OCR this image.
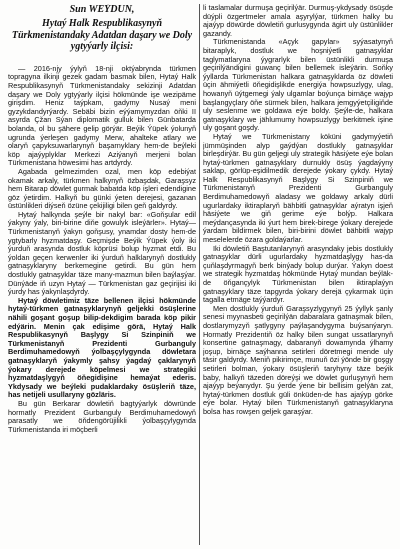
Sun WEÝDUN,
Hytaý Halk Respublikasynyň Türkmenistandaky Adatdan daşary we Doly ygtyýarly ilçisi:

— 2016-njy ýylyň 18-nji oktýabrynda türkmen topragyna ilkinji gezek gadam basmak bilen, Hytaý Halk Respublikasynyň Türkmenistandaky sekizinji Adatdan daşary we Doly ygtyýarly ilçisi hökmünde işe wezipäme girişdim. Heniz taýpkam, gadymy Nusaý meni gyzykdandyrýardy. Sebäbi bizin eýýamymyzdan öňki II asyrda Çžan Sýan diplomatik gulluk bilen Günbatarda bolanda, ol bu şähere gelip görýär. Beýik Ýüpek ýolunyň ugrunda ýerleşen gadymy Merw, ahalteke atlary we olaryň çapyksuwarlarynyň başarnyklary hem-de beýleki köp ajaýyplyklar Merkezi Aziýanyň merjeni bolan Türkmenistana höwesimi has artdyrdy.

Agabada gelmezimden ozal, men köp edebiýat okamak arkaly, türkmen halkynyň özbaşdak, Garaşsyz hem Bitarap döwlet gurmak babatda köp işleri edendigine göz ýetirdim. Halkyň bu günki ýeten derejesi, gazanan üstünlikleri diýseň özüne çekijiligi bilen geň galdyrdy.

Hytaý halkynda şeýle bir nakyl bar: «Goňşular edil ýakyny ýaly, biri-birine diňe gowulyk isleýärler». Hytaý—Türkmenistanyň ýakyn goňşusy, ynamdar dosty hem-de ygtybarly hyzmatdaşy. Geçmişde Beýik Ýüpek ýoly iki ýurduň arasynda dostluk köprüsi bolup hyzmat etdi. Bu ýoldan geçen kerwenler iki ýurduň halklarynyň dostlukly gatnaşyklaryny berkemegine getirdi. Bu gün hem dostlukly gatnaşyklar täze many-mazmun bilen baýlaşýar. Dünýäde iň uzyn Hytaý — Türkmenistan gaz geçirijisi iki ýurdy has ýakynlaşdyrdy.

Hytaý döwletimiz täze bellenen ilçisi hökmünde hytaý-türkmen gatnaşyklarynyň geljekki ösüşlerine nähili goşant goşup bilip-dekdigim barada köp pikir edýärin. Menin çak edişime görä, Hytaý Halk Respublikasynyň Başlygy Si Szinpiniň we Türkmenistanyň Prezidenti Gurbanguly Berdimuhamedowyň ýolbaşçylygynda döwletara gatnaşyklaryň ýakymly şahsy ýagdaý çaklarynyň ýokary derejede köpelmesi we strategiki hyzmatdaşlygyň öňegidişine hemaýat ederis. Ykdysady we beýleki pudaklardaky ösüşleriň täze, has netijeli usullaryny gözläris.

Bu gün Berkarar döwletiň bagtyýarlyk döwründe hormatly Prezident Gurbanguly Berdimuhamedowyň parasatly we öňdengörüjilikli ýolbaşçylygynda Türkmenistanda iri möçberli

li taslamalar durmuşa geçirilýär. Durmuş-ykdysady ösüşde düýpli özgertmeler amala aşyrylýar, türkmen halky bu ajaýyp döwürde döwletiň gurlusygynda ägirt uly üstünlikler gazandy.

Türkmenistanda «Açyk gapylar» syýasatynyň bitaraplyk, dostluk we hoşniýetli gatnaşyklar taglymatlaryna ýygrarlyk bilen üstünlikli durmuşa geçirilýändigini guwanç bilen bellemek isleýärin. Soňky ýyllarda Türkmenistan halkara gatnaşyklarda öz döwleti üçin ähmiýetli öňegidişlikde energiýa howpsuzlygy, ulag, howanyň üýtgemegi ýaly ulgamlar boýunça birnäçe wajyp başlangyçlary öňe sürmek bilen, halkara jemgyýetçiligiňde uly seslenme we goldawa eýe boldy. Şeýle-de, halkara gatnaşyklary we jählumumy howpsuzlygy berkitmek işine uly goşant goşdy.

Hytaý we Türkmenistany köküni gadymyýetiň jümmüşinden alyp gaýdýan dostlukly gatnaşyklar birleşdirýär. Bu gün geljegi uly strategik häsiýete eýe bolan hytaý-türkmen gatnaşyklary durnukly ösüş ýagdaýyny saklap, görlüp-eşidilmedik derejede ýokary çykdy. Hytaý Halk Respublikasynyň Başlygy Si Szinpiniň we Türkmenistanyň Prezidenti Gurbanguly Berdimuhamedowyň aladasy we goldawy arkaly dürli ugurlardaky iktiraplaryň bähbitli gatnaşyklar aýratyn işjeň häsiýete we giň gerime eýe bolýp. Halkara meýdançasynda iki ýurt hem birek-birege ýokary derejede ýardam bildirmek bilen, biri-birini döwlet bähbitli wajyp meselelerde özara goldaýarlar.

Iki döwletiň Baştutanlarynyň arasyndaky jebis dostlukly gatnaşyklar dürli ugurlardaky hyzmatdaşlygy has-da çuňlaşdyrmagyň berk binýady bolup durýar. Ýakyn doest we strategik hyzmatdaş hökmünde Hytaý mundan beýläk-de öňgançylyk Türkmenistan bilen iktiraplaýyn gatnaşyklary täze tapgyrda ýokary derejä çykarmak üçin tagalla etmäge taýýardyr.

Men dostlukly ýurduň Garaşsyzlygynyň 25 ýyllyk şanly senesi myynasbeti geçirilýän dabaralara gatnaşmak bilen, dostlarymyzyň şatlygyny paýlaşandygyma buýsanýaryn. Hormatly Prezidentiň öz halky bilen sungat ussatlarynyň konsertine gatnaşmagy, dabaranyň dowamynda ýlhamy joşup, birnäçe saýhanna setirleri döretmegi mende uly täsir galdyrdy. Meniň pikirimçe, munuň özi ýönde bir goşgy setirleri bolman, ýokary ösüşleriň taryhyny täze beýik baby, halkyň täzeden döreýşi we döwlet gurluşynyň hem ajaýyp beýanydyr. Şu ýerde ýene bir bellisim gelýän zat, hytaý-türkmen dostluk güli önküden-de has ajaýyp görke eýe bolar. Hytaý bilen Türkmenistanyň gatnaşyklaryna bolsa has rowşen geljek garaşýar.
